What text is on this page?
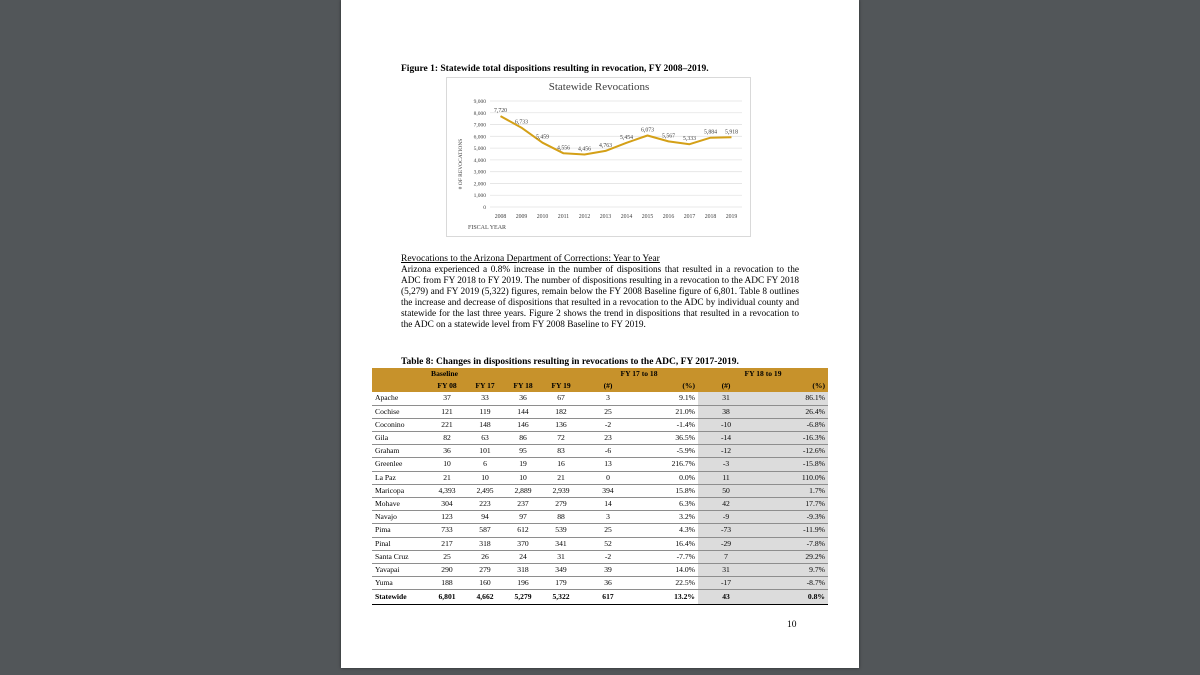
Figure 1: Statewide total dispositions resulting in revocation, FY 2008–2019.
Statewide Revocations
# OF REVOCATIONS
FISCAL YEAR
0
1,000
2,000
3,000
4,000
5,000
6,000
7,000
8,000
9,000
2008 2009 2010 2011 2012 2013 2014 2015 2016 2017 2018 2019
7,720
6,733
5,459
4,556 4,456
4,763
5,454
6,073
5,567 5,333
5,884 5,918
Revocations to the Arizona Department of Corrections: Year to Year
Arizona experienced a 0.8% increase in the number of dispositions that resulted in a revocation to the ADC from FY 2018 to FY 2019. The number of dispositions resulting in a revocation to the ADC FY 2018 (5,279) and FY 2019 (5,322) figures, remain below the FY 2008 Baseline figure of 6,801. Table 8 outlines the increase and decrease of dispositions that resulted in a revocation to the ADC by individual county and statewide for the last three years. Figure 2 shows the trend in dispositions that resulted in a revocation to the ADC on a statewide level from FY 2008 Baseline to FY 2019.
Table 8: Changes in dispositions resulting in revocations to the ADC, FY 2017-2019.
	Baseline				FY 17 to 18		FY 18 to 19	
	FY 08	FY 17	FY 18	FY 19	(#)	(%)	(#)	(%)
Apache	37	33	36	67	3	9.1%	31	86.1%
Cochise	121	119	144	182	25	21.0%	38	26.4%
Coconino	221	148	146	136	-2	-1.4%	-10	-6.8%
Gila	82	63	86	72	23	36.5%	-14	-16.3%
Graham	36	101	95	83	-6	-5.9%	-12	-12.6%
Greenlee	10	6	19	16	13	216.7%	-3	-15.8%
La Paz	21	10	10	21	0	0.0%	11	110.0%
Maricopa	4,393	2,495	2,889	2,939	394	15.8%	50	1.7%
Mohave	304	223	237	279	14	6.3%	42	17.7%
Navajo	123	94	97	88	3	3.2%	-9	-9.3%
Pima	733	587	612	539	25	4.3%	-73	-11.9%
Pinal	217	318	370	341	52	16.4%	-29	-7.8%
Santa Cruz	25	26	24	31	-2	-7.7%	7	29.2%
Yavapai	290	279	318	349	39	14.0%	31	9.7%
Yuma	188	160	196	179	36	22.5%	-17	-8.7%
Statewide	6,801	4,662	5,279	5,322	617	13.2%	43	0.8%
10
